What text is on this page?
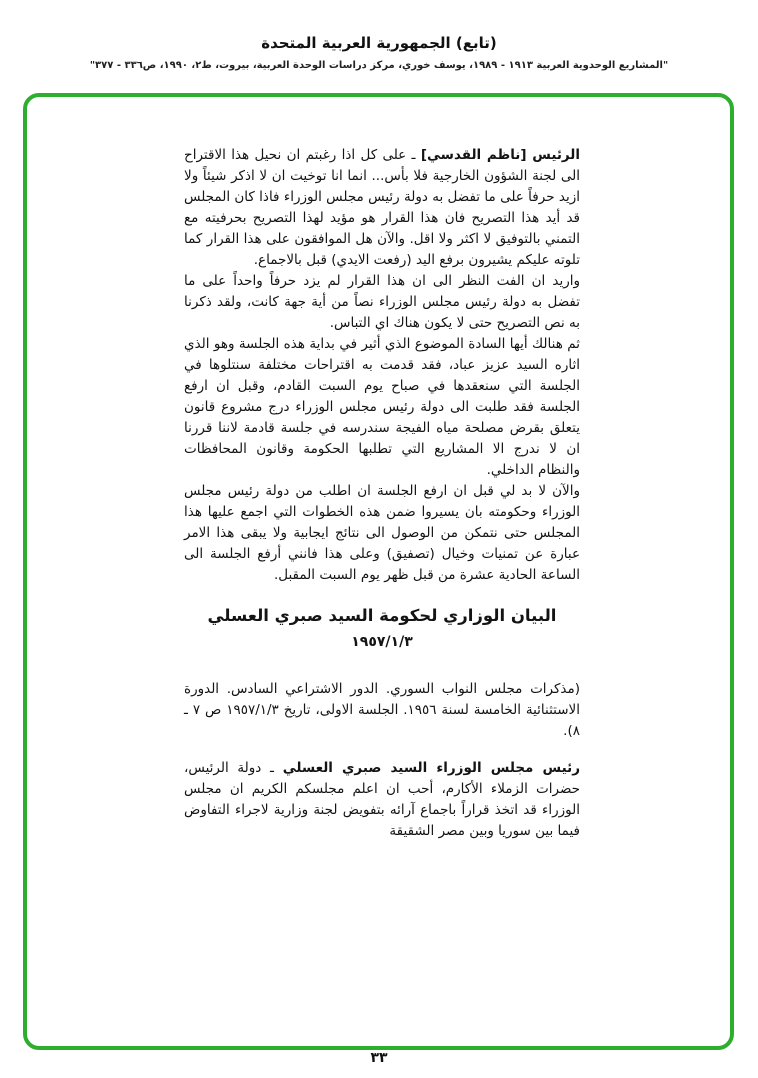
(تابع) الجمهورية العربية المتحدة
"المشاريع الوحدوية العربية ١٩١٣ - ١٩٨٩، يوسف خوري، مركز دراسات الوحدة العربية، بيروت، ط٢، ١٩٩٠، ص٣٣٦ - ٣٧٧"

الرئيس [ناظم القدسي] ـ على كل اذا رغبتم ان نحيل هذا الاقتراح الى لجنة الشؤون الخارجية فلا بأس... انما انا توخيت ان لا اذكر شيئاً ولا ازيد حرفاً على ما تفضل به دولة رئيس مجلس الوزراء فاذا كان المجلس قد أيد هذا التصريح فان هذا القرار هو مؤيد لهذا التصريح بحرفيته مع التمني بالتوفيق لا اكثر ولا اقل. والآن هل الموافقون على هذا القرار كما تلوته عليكم يشيرون برفع اليد (رفعت الايدي) قبل بالاجماع.

واريد ان الفت النظر الى ان هذا القرار لم يزد حرفاً واحداً على ما تفضل به دولة رئيس مجلس الوزراء نصاً من أية جهة كانت، ولقد ذكرنا به نص التصريح حتى لا يكون هناك اي التباس.

ثم هنالك أيها السادة الموضوع الذي أثير في بداية هذه الجلسة وهو الذي اثاره السيد عزيز عباد، فقد قدمت به اقتراحات مختلفة سنتلوها في الجلسة التي سنعقدها في صباح يوم السبت القادم، وقبل ان ارفع الجلسة فقد طلبت الى دولة رئيس مجلس الوزراء درج مشروع قانون يتعلق بقرض مصلحة مياه الفيجة سندرسه في جلسة قادمة لاننا قررنا ان لا ندرج الا المشاريع التي تطلبها الحكومة وقانون المحافظات والنظام الداخلي.

والآن لا بد لي قبل ان ارفع الجلسة ان اطلب من دولة رئيس مجلس الوزراء وحكومته بان يسيروا ضمن هذه الخطوات التي اجمع عليها هذا المجلس حتى نتمكن من الوصول الى نتائج ايجابية ولا يبقى هذا الامر عبارة عن تمنيات وخيال (تصفيق) وعلى هذا فانني أرفع الجلسة الى الساعة الحادية عشرة من قبل ظهر يوم السبت المقبل.

البيان الوزاري لحكومة السيد صبري العسلي
١٩٥٧/١/٣

(مذكرات مجلس النواب السوري. الدور الاشتراعي السادس. الدورة الاستثنائية الخامسة لسنة ١٩٥٦. الجلسة الاولى، تاريخ ١٩٥٧/١/٣ ص ٧ ـ ٨).

رئيس مجلس الوزراء السيد صبري العسلي ـ دولة الرئيس، حضرات الزملاء الأكارم، أحب ان اعلم مجلسكم الكريم ان مجلس الوزراء قد اتخذ قراراً باجماع آرائه بتفويض لجنة وزارية لاجراء التفاوض فيما بين سوريا وبين مصر الشقيقة

٣٣
